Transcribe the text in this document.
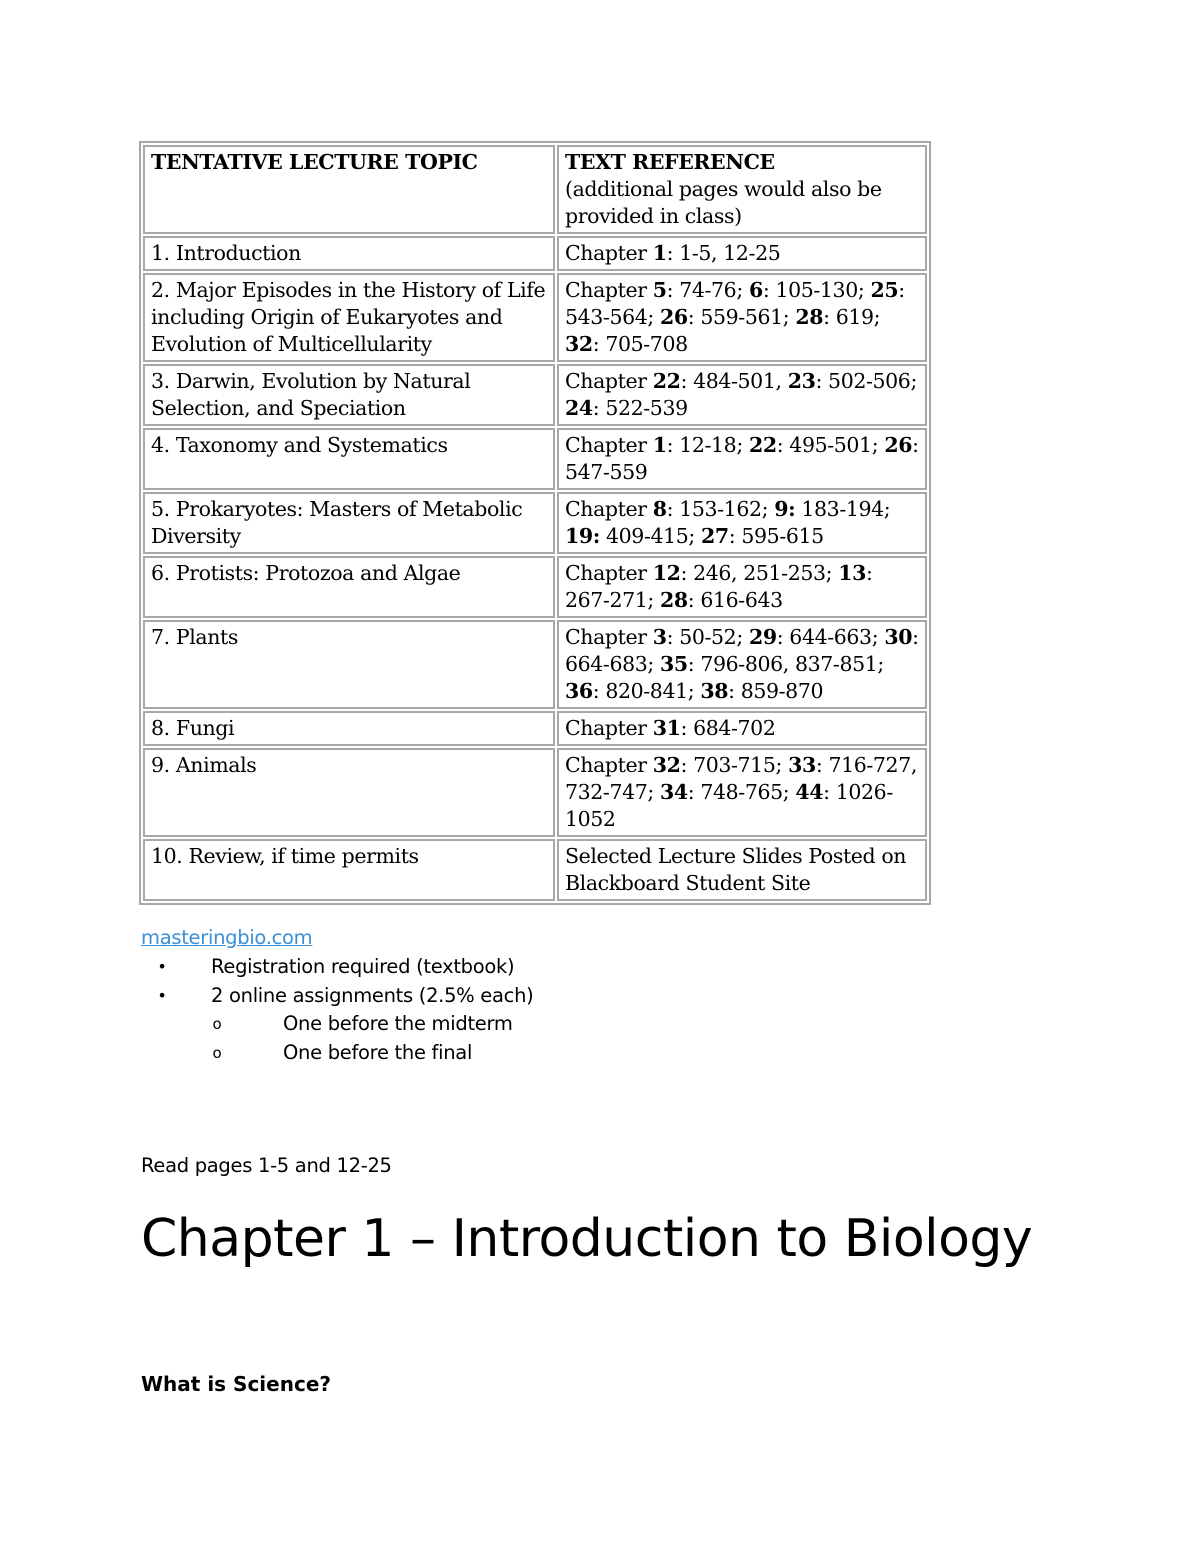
TENTATIVE LECTURE TOPIC	TEXT REFERENCE
(additional pages would also be provided in class)
1. Introduction	Chapter 1: 1-5, 12-25
2. Major Episodes in the History of Life including Origin of Eukaryotes and Evolution of Multicellularity	Chapter 5: 74-76; 6: 105-130; 25: 543-564; 26: 559-561; 28: 619; 32: 705-708
3. Darwin, Evolution by Natural Selection, and Speciation	Chapter 22: 484-501, 23: 502-506; 24: 522-539
4. Taxonomy and Systematics	Chapter 1: 12-18; 22: 495-501; 26: 547-559
5. Prokaryotes: Masters of Metabolic Diversity	Chapter 8: 153-162; 9: 183-194; 19: 409-415; 27: 595-615
6. Protists: Protozoa and Algae	Chapter 12: 246, 251-253; 13: 267-271; 28: 616-643
7. Plants	Chapter 3: 50-52; 29: 644-663; 30: 664-683; 35: 796-806, 837-851; 36: 820-841; 38: 859-870
8. Fungi	Chapter 31: 684-702
9. Animals	Chapter 32: 703-715; 33: 716-727, 732-747; 34: 748-765; 44: 1026-1052
10. Review, if time permits	Selected Lecture Slides Posted on Blackboard Student Site
masteringbio.com
• Registration required (textbook)
• 2 online assignments (2.5% each)
o	One before the midterm
o	One before the final
Read pages 1-5 and 12-25
Chapter 1 – Introduction to Biology
What is Science?
